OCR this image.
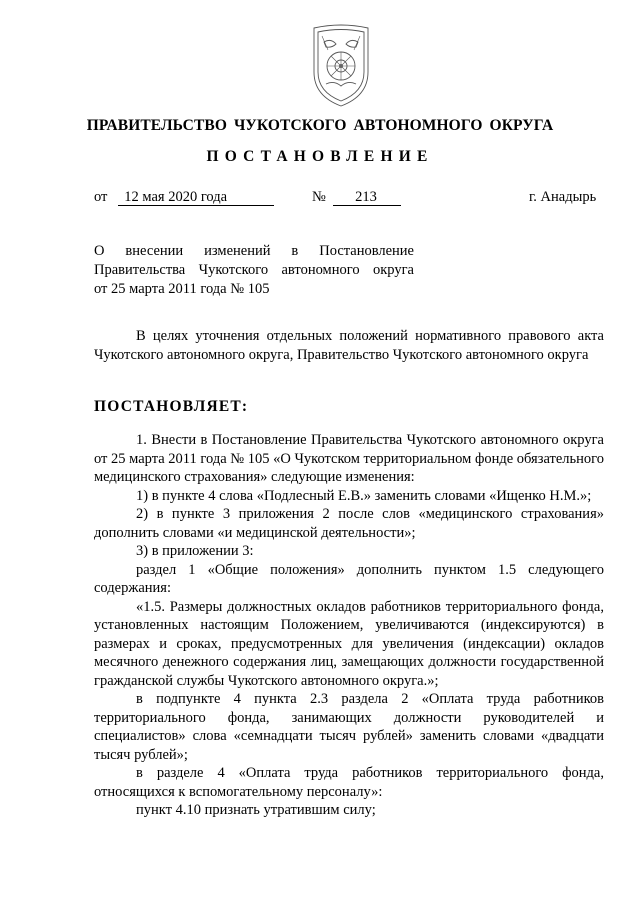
ПРАВИТЕЛЬСТВО ЧУКОТСКОГО АВТОНОМНОГО ОКРУГА
ПОСТАНОВЛЕНИЕ
от 12 мая 2020 года	№ 213	г. Анадырь
О внесении изменений в Постановление
Правительства Чукотского автономного округа
от 25 марта 2011 года № 105

В целях уточнения отдельных положений нормативного правового акта Чукотского автономного округа, Правительство Чукотского автономного округа

ПОСТАНОВЛЯЕТ:

1. Внести в Постановление Правительства Чукотского автономного округа от 25 марта 2011 года № 105 «О Чукотском территориальном фонде обязательного медицинского страхования» следующие изменения:

1) в пункте 4 слова «Подлесный Е.В.» заменить словами «Ищенко Н.М.»;

2) в пункте 3 приложения 2 после слов «медицинского страхования» дополнить словами «и медицинской деятельности»;

3) в приложении 3:

раздел 1 «Общие положения» дополнить пунктом 1.5 следующего содержания:

«1.5. Размеры должностных окладов работников территориального фонда, установленных настоящим Положением, увеличиваются (индексируются) в размерах и сроках, предусмотренных для увеличения (индексации) окладов месячного денежного содержания лиц, замещающих должности государственной гражданской службы Чукотского автономного округа.»;

в подпункте 4 пункта 2.3 раздела 2 «Оплата труда работников территориального фонда, занимающих должности руководителей и специалистов» слова «семнадцати тысяч рублей» заменить словами «двадцати тысяч рублей»;

в разделе 4 «Оплата труда работников территориального фонда, относящихся к вспомогательному персоналу»:

пункт 4.10 признать утратившим силу;
